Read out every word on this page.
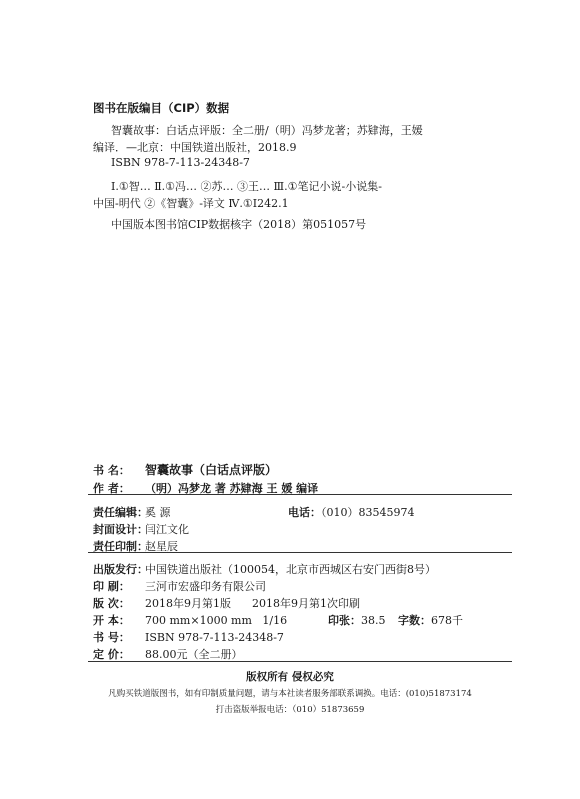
图书在版编目（CIP）数据
智囊故事：白话点评版：全二册/（明）冯梦龙著；苏肄海，王媛
编译．—北京：中国铁道出版社，2018.9
ISBN 978-7-113-24348-7
Ⅰ.①智… Ⅱ.①冯… ②苏… ③王… Ⅲ.①笔记小说-小说集-
中国-明代 ②《智囊》-译文 Ⅳ.①I242.1
中国版本图书馆CIP数据核字（2018）第051057号
书 名： 智囊故事（白话点评版）
作 者： （明）冯梦龙 著 苏肄海 王 媛 编译
责任编辑：奚 源	电话：（010）83545974
封面设计：闫江文化
责任印制：赵星辰
出版发行：中国铁道出版社（100054，北京市西城区右安门西街8号）
印 刷： 三河市宏盛印务有限公司
版 次： 2018年9月第1版      2018年9月第1次印刷
开 本： 700 mm×1000 mm   1/16	印张：38.5 字数：678千
书 号： ISBN 978-7-113-24348-7
定 价： 88.00元（全二册）
版权所有 侵权必究
凡购买铁道版图书，如有印制质量问题，请与本社读者服务部联系调换。电话：(010)51873174
打击盗版举报电话：（010）51873659
